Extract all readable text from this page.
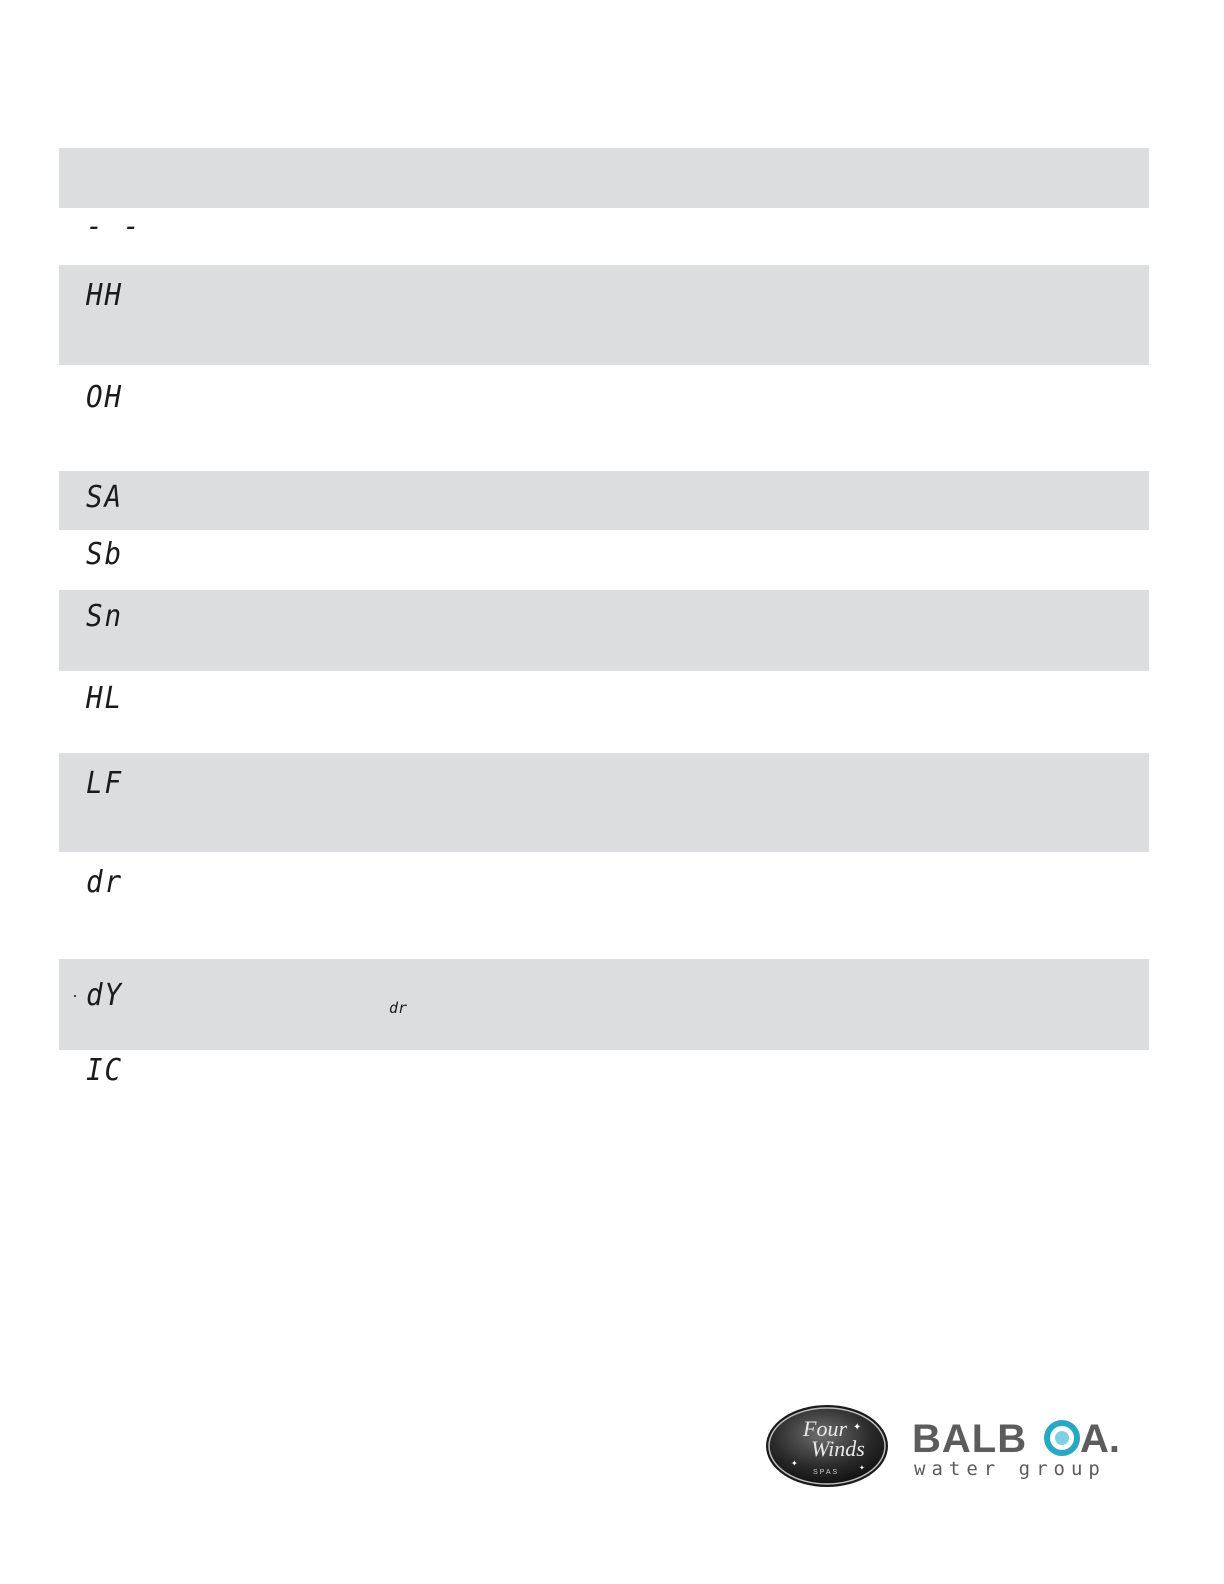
- -
HH
OH
SA
Sb
Sn
HL
LF
dr
dY	dr
IC
Four
Winds
SPAS
✦
✦	✦
BALB A.
water group
